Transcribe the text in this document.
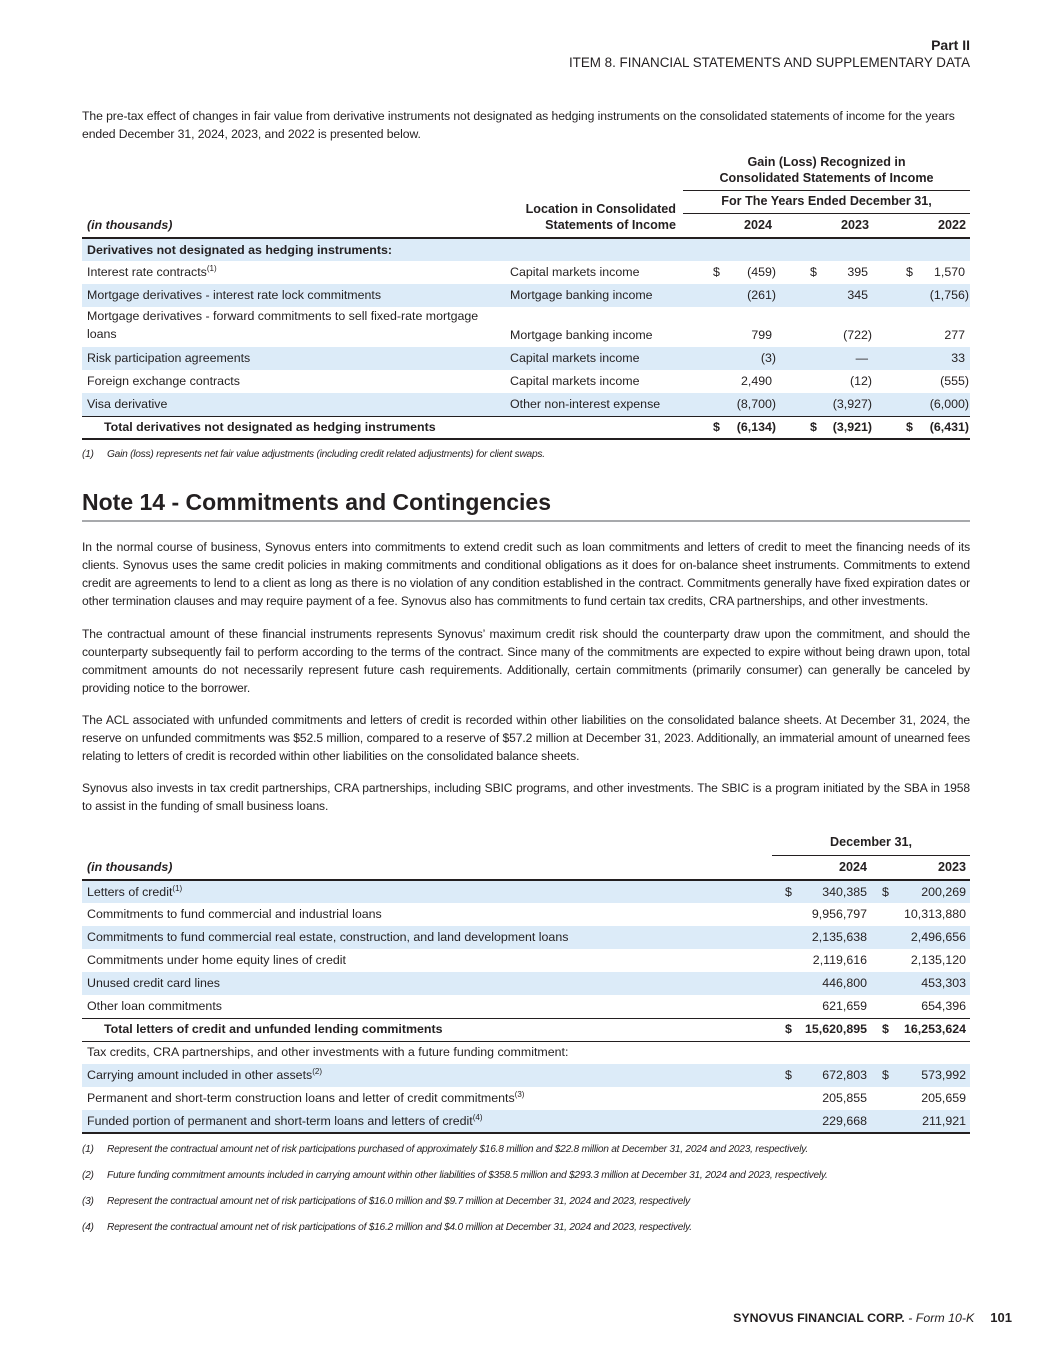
Part II
ITEM 8. FINANCIAL STATEMENTS AND SUPPLEMENTARY DATA

The pre-tax effect of changes in fair value from derivative instruments not designated as hedging instruments on the consolidated statements of income for the years ended December 31, 2024, 2023, and 2022 is presented below.

		Gain (Loss) Recognized in
Consolidated Statements of Income		

	Location in Consolidated
Statements of Income	For The Years Ended December 31,		
(in thousands)		2024	2023	2022
Derivatives not designated as hedging instruments:				
Interest rate contracts$^{(1)}$	Capital markets income	$ (459)	$ 395	$ 1,570
Mortgage derivatives - interest rate lock commitments	Mortgage banking income	(261)	345	(1,756)
Mortgage derivatives - forward commitments to sell fixed-rate mortgage loans	Mortgage banking income	799	(722)	277
Risk participation agreements	Capital markets income	(3)	—	33
Foreign exchange contracts	Capital markets income	2,490	(12)	(555)
Visa derivative	Other non-interest expense	(8,700)	(3,927)	(6,000)
Total derivatives not designated as hedging instruments		$ (6,134)	$ (3,921)	$ (6,431)

(1)	Gain (loss) represents net fair value adjustments (including credit related adjustments) for client swaps.

Note 14 - Commitments and Contingencies

In the normal course of business, Synovus enters into commitments to extend credit such as loan commitments and letters of credit to meet the financing needs of its clients. Synovus uses the same credit policies in making commitments and conditional obligations as it does for on-balance sheet instruments. Commitments to extend credit are agreements to lend to a client as long as there is no violation of any condition established in the contract. Commitments generally have fixed expiration dates or other termination clauses and may require payment of a fee. Synovus also has commitments to fund certain tax credits, CRA partnerships, and other investments.

The contractual amount of these financial instruments represents Synovus’ maximum credit risk should the counterparty draw upon the commitment, and should the counterparty subsequently fail to perform according to the terms of the contract. Since many of the commitments are expected to expire without being drawn upon, total commitment amounts do not necessarily represent future cash requirements. Additionally, certain commitments (primarily consumer) can generally be canceled by providing notice to the borrower.

The ACL associated with unfunded commitments and letters of credit is recorded within other liabilities on the consolidated balance sheets. At December 31, 2024, the reserve on unfunded commitments was $52.5 million, compared to a reserve of $57.2 million at December 31, 2023. Additionally, an immaterial amount of unearned fees relating to letters of credit is recorded within other liabilities on the consolidated balance sheets.

Synovus also invests in tax credit partnerships, CRA partnerships, including SBIC programs, and other investments. The SBIC is a program initiated by the SBA in 1958 to assist in the funding of small business loans.

	December 31,	
(in thousands)	2024	2023
Letters of credit$^{(1)}$	$ 340,385	$ 200,269
Commitments to fund commercial and industrial loans	9,956,797	10,313,880
Commitments to fund commercial real estate, construction, and land development loans	2,135,638	2,496,656
Commitments under home equity lines of credit	2,119,616	2,135,120
Unused credit card lines	446,800	453,303
Other loan commitments	621,659	654,396
Total letters of credit and unfunded lending commitments	$ 15,620,895	$ 16,253,624
Tax credits, CRA partnerships, and other investments with a future funding commitment:		
Carrying amount included in other assets$^{(2)}$	$ 672,803	$ 573,992
Permanent and short-term construction loans and letter of credit commitments$^{(3)}$	205,855	205,659
Funded portion of permanent and short-term loans and letters of credit$^{(4)}$	229,668	211,921

(1)	Represent the contractual amount net of risk participations purchased of approximately $16.8 million and $22.8 million at December 31, 2024 and 2023, respectively.

(2)	Future funding commitment amounts included in carrying amount within other liabilities of $358.5 million and $293.3 million at December 31, 2024 and 2023, respectively.

(3)	Represent the contractual amount net of risk participations of $16.0 million and $9.7 million at December 31, 2024 and 2023, respectively

(4)	Represent the contractual amount net of risk participations of $16.2 million and $4.0 million at December 31, 2024 and 2023, respectively.

SYNOVUS FINANCIAL CORP. - Form 10-K 101
